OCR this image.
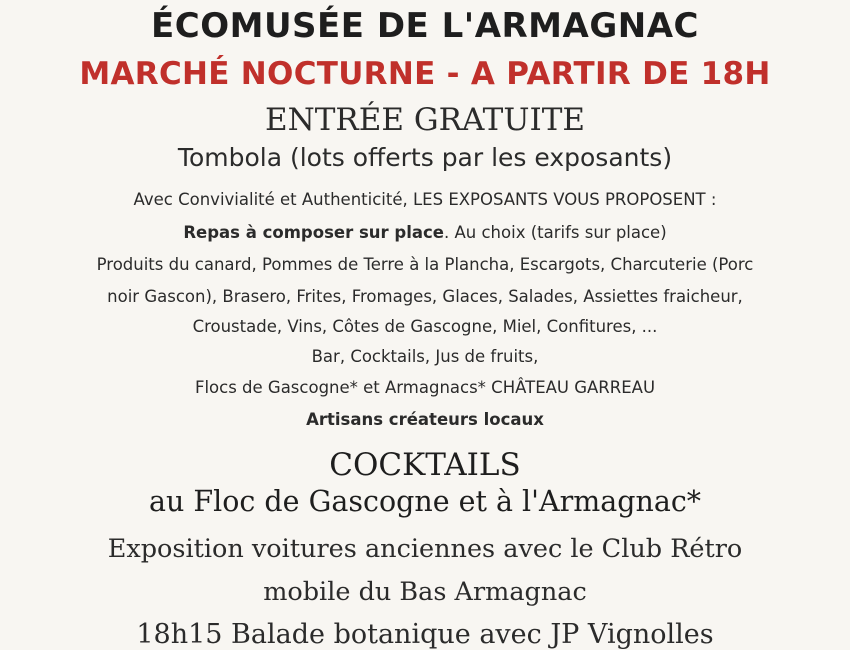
ÉCOMUSÉE DE L'ARMAGNAC
MARCHÉ NOCTURNE - A PARTIR DE 18H
ENTRÉE GRATUITE
Tombola (lots offerts par les exposants)
Avec Convivialité et Authenticité, LES EXPOSANTS VOUS PROPOSENT :
Repas à composer sur place. Au choix (tarifs sur place)
Produits du canard, Pommes de Terre à la Plancha, Escargots, Charcuterie (Porc
noir Gascon), Brasero, Frites, Fromages, Glaces, Salades, Assiettes fraicheur,
Croustade, Vins, Côtes de Gascogne, Miel, Confitures, ...
Bar, Cocktails, Jus de fruits,
Flocs de Gascogne* et Armagnacs* CHÂTEAU GARREAU
Artisans créateurs locaux
COCKTAILS
au Floc de Gascogne et à l'Armagnac*
Exposition voitures anciennes avec le Club Rétro
mobile du Bas Armagnac
18h15 Balade botanique avec JP Vignolles
